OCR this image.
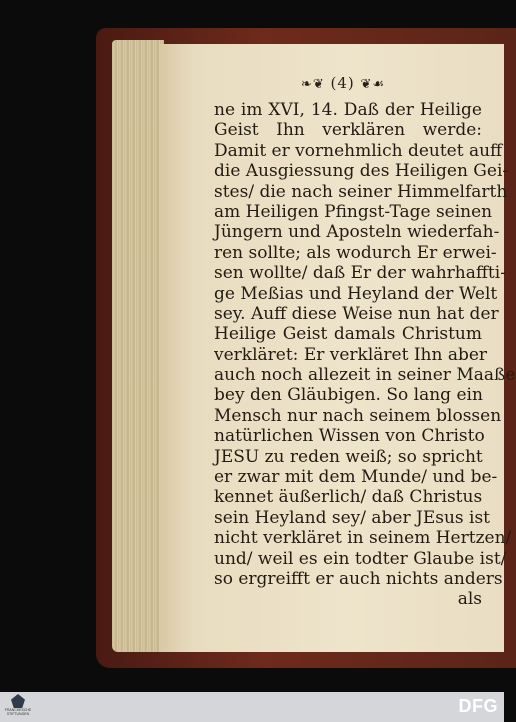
❧❦ (4) ❦☙
ne im XVI, 14. Daß der Heilige
Geist Ihn verklären werde:
Damit er vornehmlich deutet auff
die Ausgiessung des Heiligen Gei-
stes/ die nach seiner Himmelfarth
am Heiligen Pfingst-Tage seinen
Jüngern und Aposteln wiederfah-
ren sollte; als wodurch Er erwei-
sen wollte/ daß Er der wahrhaffti-
ge Meßias und Heyland der Welt
sey. Auff diese Weise nun hat der
Heilige Geist damals Christum
verkläret: Er verkläret Ihn aber
auch noch allezeit in seiner Maaße
bey den Gläubigen. So lang ein
Mensch nur nach seinem blossen
natürlichen Wissen von Christo
JESU zu reden weiß; so spricht
er zwar mit dem Munde/ und be-
kennet äußerlich/ daß Christus
sein Heyland sey/ aber JEsus ist
nicht verkläret in seinem Hertzen/
und/ weil es ein todter Glaube ist/
so ergreifft er auch nichts anders
als
FRANCKESCHE STIFTUNGEN	DFG
